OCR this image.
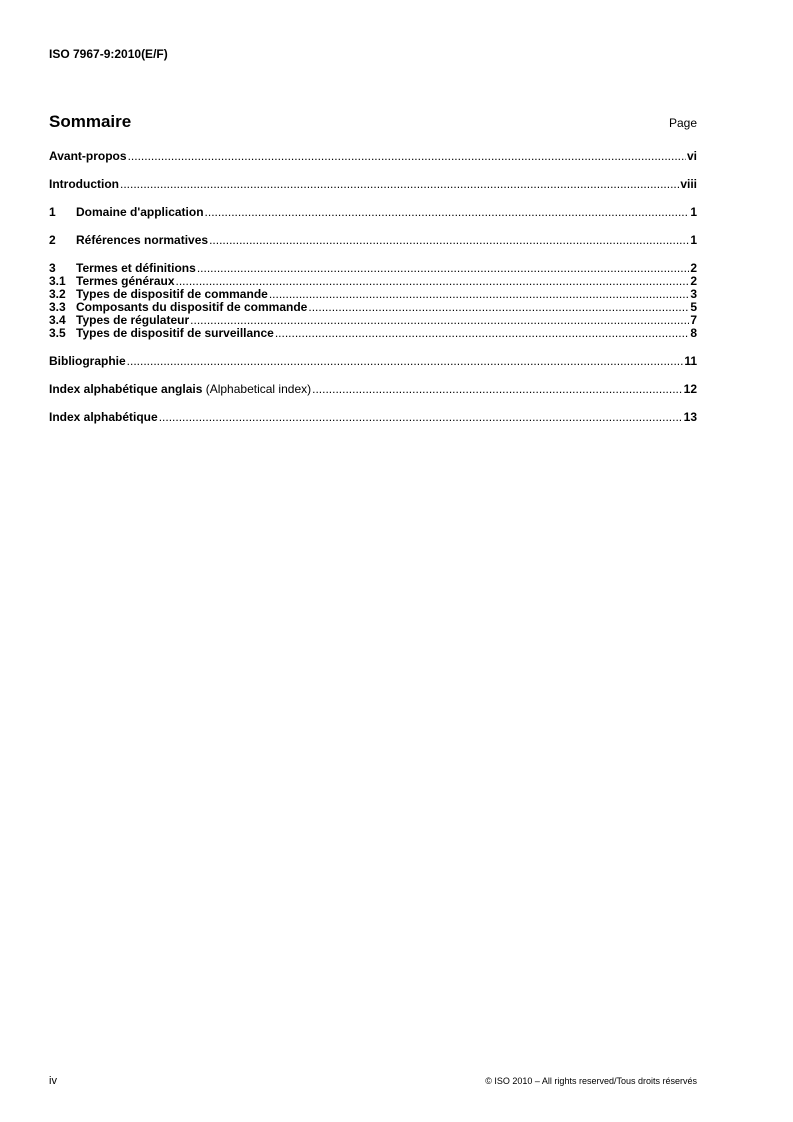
ISO 7967-9:2010(E/F)
Sommaire	Page
Avant-propos .....	vi
Introduction .....	viii
1	Domaine d'application .....	1
2	Références normatives .....	1
3	Termes et définitions .....	2
3.1 Termes généraux .....	2
3.2 Types de dispositif de commande .....	3
3.3 Composants du dispositif de commande .....	5
3.4 Types de régulateur .....	7
3.5 Types de dispositif de surveillance .....	8
Bibliographie .....	11
Index alphabétique anglais (Alphabetical index) .....	12
Index alphabétique .....	13
iv	© ISO 2010 – All rights reserved/Tous droits réservés
